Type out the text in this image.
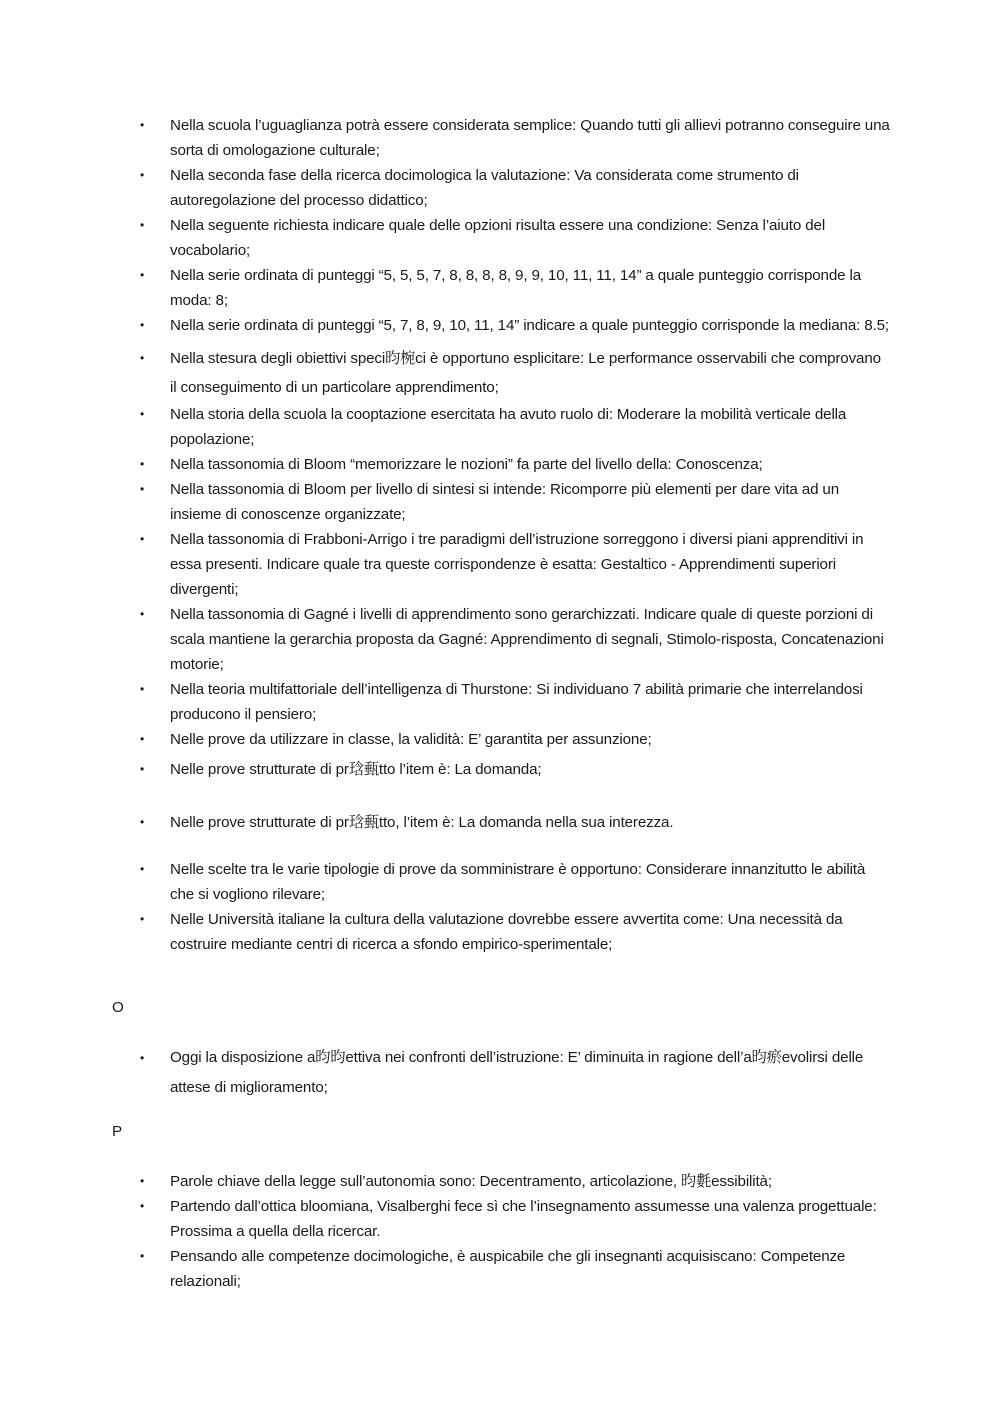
• Nella scuola l’uguaglianza potrà essere considerata semplice: Quando tutti gli allievi potranno conseguire una sorta di omologazione culturale;
• Nella seconda fase della ricerca docimologica la valutazione: Va considerata come strumento di autoregolazione del processo didattico;
• Nella seguente richiesta indicare quale delle opzioni risulta essere una condizione: Senza l’aiuto del vocabolario;
• Nella serie ordinata di punteggi “5, 5, 5, 7, 8, 8, 8, 8, 9, 9, 10, 11, 11, 14” a quale punteggio corrisponde la moda: 8;
• Nella serie ordinata di punteggi “5, 7, 8, 9, 10, 11, 14” indicare a quale punteggio corrisponde la mediana: 8.5;
• Nella stesura degli obiettivi speci昀椀ci è opportuno esplicitare: Le performance osservabili che comprovano il conseguimento di un particolare apprendimento;
• Nella storia della scuola la cooptazione esercitata ha avuto ruolo di: Moderare la mobilità verticale della popolazione;
• Nella tassonomia di Bloom “memorizzare le nozioni” fa parte del livello della: Conoscenza;
• Nella tassonomia di Bloom per livello di sintesi si intende: Ricomporre più elementi per dare vita ad un insieme di conoscenze organizzate;
• Nella tassonomia di Frabboni-Arrigo i tre paradigmi dell’istruzione sorreggono i diversi piani apprenditivi in essa presenti. Indicare quale tra queste corrispondenze è esatta: Gestaltico - Apprendimenti superiori divergenti;
• Nella tassonomia di Gagné i livelli di apprendimento sono gerarchizzati. Indicare quale di queste porzioni di scala mantiene la gerarchia proposta da Gagné: Apprendimento di segnali, Stimolo-risposta, Concatenazioni motorie;
• Nella teoria multifattoriale dell’intelligenza di Thurstone: Si individuano 7 abilità primarie che interrelandosi producono il pensiero;
• Nelle prove da utilizzare in classe, la validità: E’ garantita per assunzione;
• Nelle prove strutturate di pr琀甀tto l’item è: La domanda;
• Nelle prove strutturate di pr琀甀tto, l’item è: La domanda nella sua interezza.
• Nelle scelte tra le varie tipologie di prove da somministrare è opportuno: Considerare innanzitutto le abilità che si vogliono rilevare;
• Nelle Università italiane la cultura della valutazione dovrebbe essere avvertita come: Una necessità da costruire mediante centri di ricerca a sfondo empirico-sperimentale;
O
• Oggi la disposizione a昀昀ettiva nei confronti dell’istruzione: E’ diminuita in ragione dell’a昀瘀evolirsi delle attese di miglioramento;
P
• Parole chiave della legge sull’autonomia sono: Decentramento, articolazione, 昀氀essibilità;
• Partendo dall’ottica bloomiana, Visalberghi fece sì che l’insegnamento assumesse una valenza progettuale: Prossima a quella della ricercar.
• Pensando alle competenze docimologiche, è auspicabile che gli insegnanti acquisiscano: Competenze relazionali;
